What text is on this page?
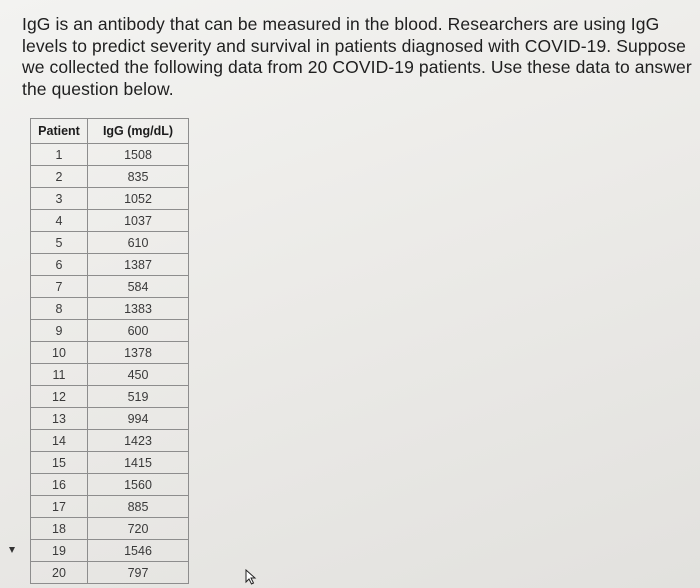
IgG is an antibody that can be measured in the blood. Researchers are using IgG levels to predict severity and survival in patients diagnosed with COVID-19. Suppose we collected the following data from 20 COVID-19 patients. Use these data to answer the question below.

Patient	IgG (mg/dL)
1	1508
2	835
3	1052
4	1037
5	610
6	1387
7	584
8	1383
9	600
10	1378
11	450
12	519
13	994
14	1423
15	1415
16	1560
17	885
18	720
19	1546
20	797
